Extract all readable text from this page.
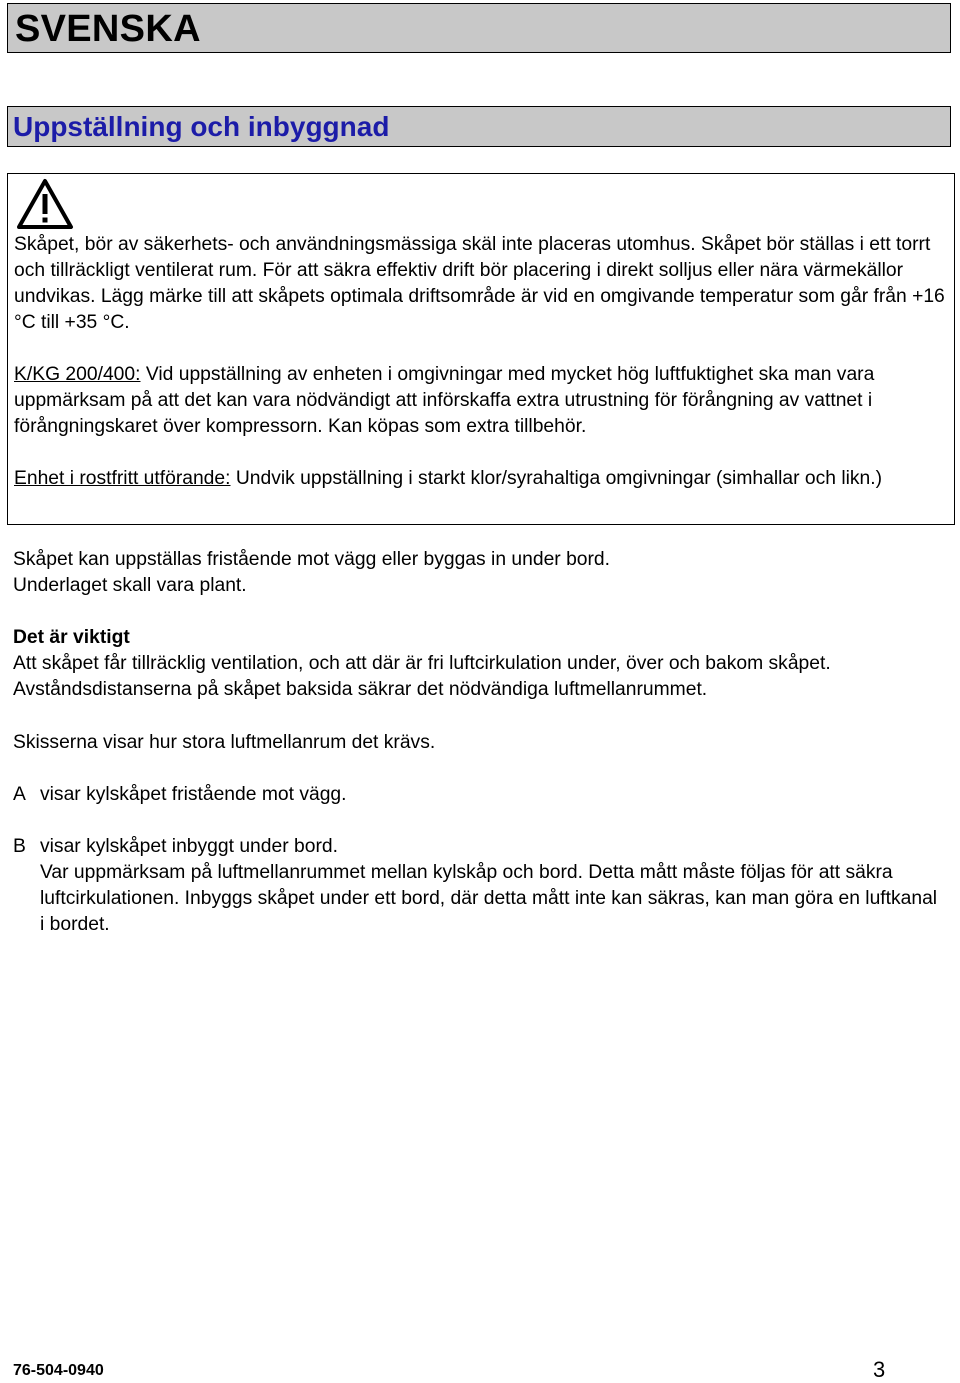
SVENSKA
Uppställning och inbyggnad

Skåpet, bör av säkerhets- och användningsmässiga skäl inte placeras utomhus. Skåpet bör ställas i ett torrt och tillräckligt ventilerat rum. För att säkra effektiv drift bör placering i direkt solljus eller nära värmekällor undvikas. Lägg märke till att skåpets optimala driftsområde är vid en omgivande temperatur som går från +16 °C till +35 °C.

K/KG 200/400: Vid uppställning av enheten i omgivningar med mycket hög luftfuktighet ska man vara uppmärksam på att det kan vara nödvändigt att införskaffa extra utrustning för förångning av vattnet i förångningskaret över kompressorn. Kan köpas som extra tillbehör.

Enhet i rostfritt utförande: Undvik uppställning i starkt klor/syrahaltiga omgivningar (simhallar och likn.)

Skåpet kan uppställas fristående mot vägg eller byggas in under bord.

Underlaget skall vara plant.

Det är viktigt

Att skåpet får tillräcklig ventilation, och att där är fri luftcirkulation under, över och bakom skåpet. Avståndsdistanserna på skåpet baksida säkrar det nödvändiga luftmellanrummet.

Skisserna visar hur stora luftmellanrum det krävs.

A visar kylskåpet fristående mot vägg.

B visar kylskåpet inbyggt under bord.

Var uppmärksam på luftmellanrummet mellan kylskåp och bord. Detta mått måste följas för att säkra luftcirkulationen. Inbyggs skåpet under ett bord, där detta mått inte kan säkras, kan man göra en luftkanal i bordet.

76-504-0940	3
